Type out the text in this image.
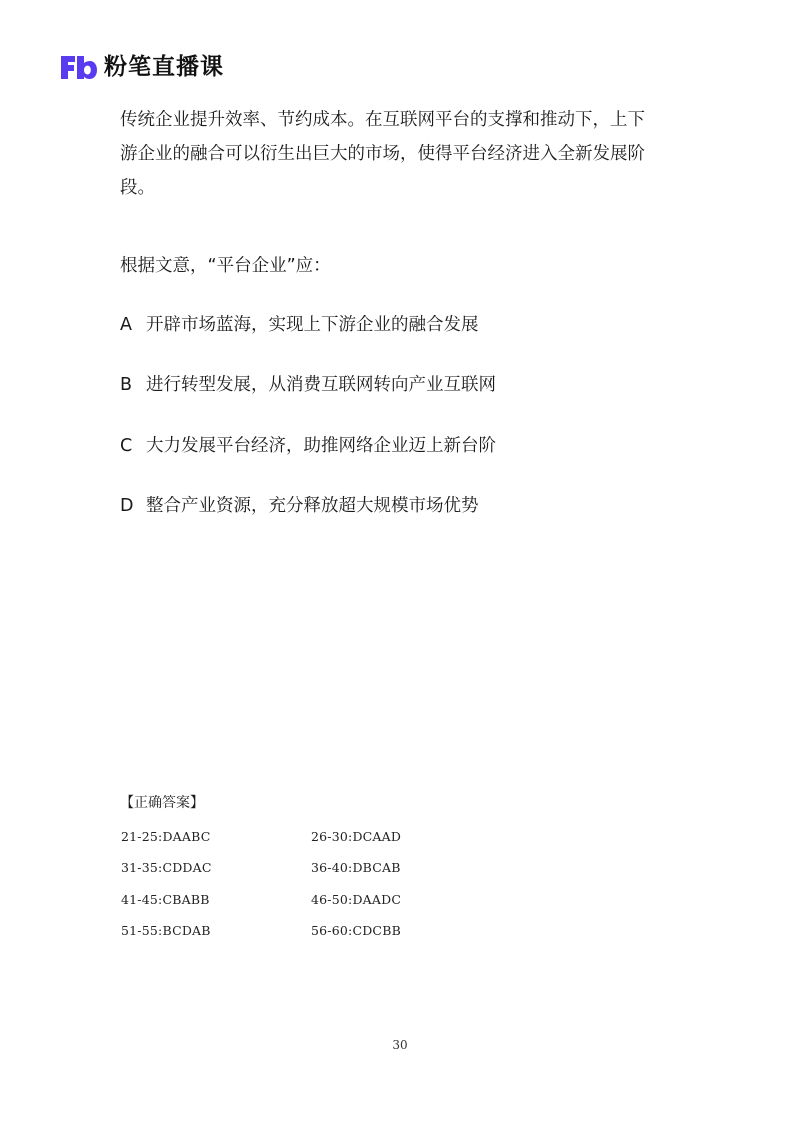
粉笔直播课
传统企业提升效率、节约成本。在互联网平台的支撑和推动下，上下
游企业的融合可以衍生出巨大的市场，使得平台经济进入全新发展阶
段。
根据文意，“平台企业”应：
A 开辟市场蓝海，实现上下游企业的融合发展
B 进行转型发展，从消费互联网转向产业互联网
C 大力发展平台经济，助推网络企业迈上新台阶
D 整合产业资源，充分释放超大规模市场优势
【正确答案】
21-25:DAABC	26-30:DCAAD
31-35:CDDAC	36-40:DBCAB
41-45:CBABB	46-50:DAADC
51-55:BCDAB	56-60:CDCBB
30
